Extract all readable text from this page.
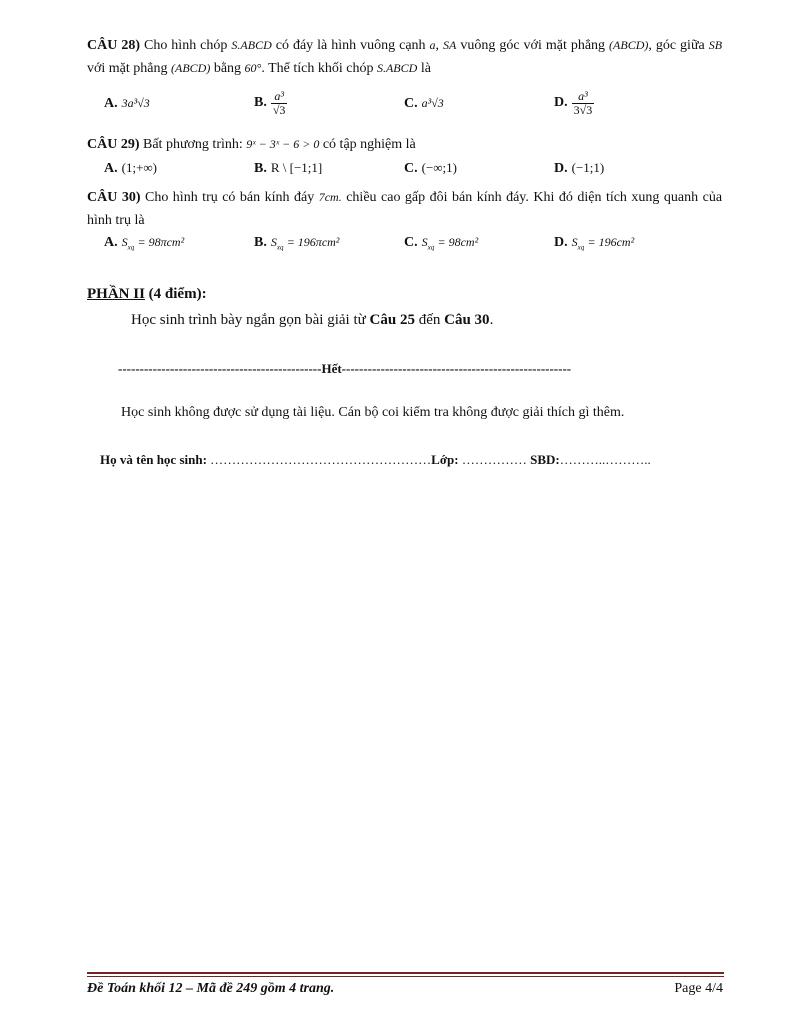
CÂU 28) Cho hình chóp S.ABCD có đáy là hình vuông cạnh a, SA vuông góc với mặt phẳng (ABCD), góc giữa SB với mặt phẳng (ABCD) bằng 60°. Thể tích khối chóp S.ABCD là
A. 3a³√3	B. $\frac{\text{a³}}{√3}$	C. a³√3	D. $\frac{\text{a³}}{3√3}$
CÂU 29) Bất phương trình: 9ˣ − 3ˣ − 6 > 0 có tập nghiệm là
A. (1;+∞)	B. R \ [−1;1]	C. (−∞;1)	D. (−1;1)
CÂU 30) Cho hình trụ có bán kính đáy 7cm. chiều cao gấp đôi bán kính đáy. Khi đó diện tích xung quanh của hình trụ là
A. $S_{xq} = 98\pi cm^2$	B. $S_{xq} = 196\pi cm^2$	C. $S_{xq} = 98cm^2$	D. $S_{xq} = 196cm^2$
PHẦN II (4 điểm):
Học sinh trình bày ngắn gọn bài giải từ Câu 25 đến Câu 30.
-----------------------------------------------Hết-----------------------------------------------------
Học sinh không được sử dụng tài liệu. Cán bộ coi kiểm tra không được giải thích gì thêm.
Họ và tên học sinh: ……………………………………………Lớp: …………… SBD:………..………..
Đề Toán khối 12 – Mã đề 249 gồm 4 trang.	Page 4/4
